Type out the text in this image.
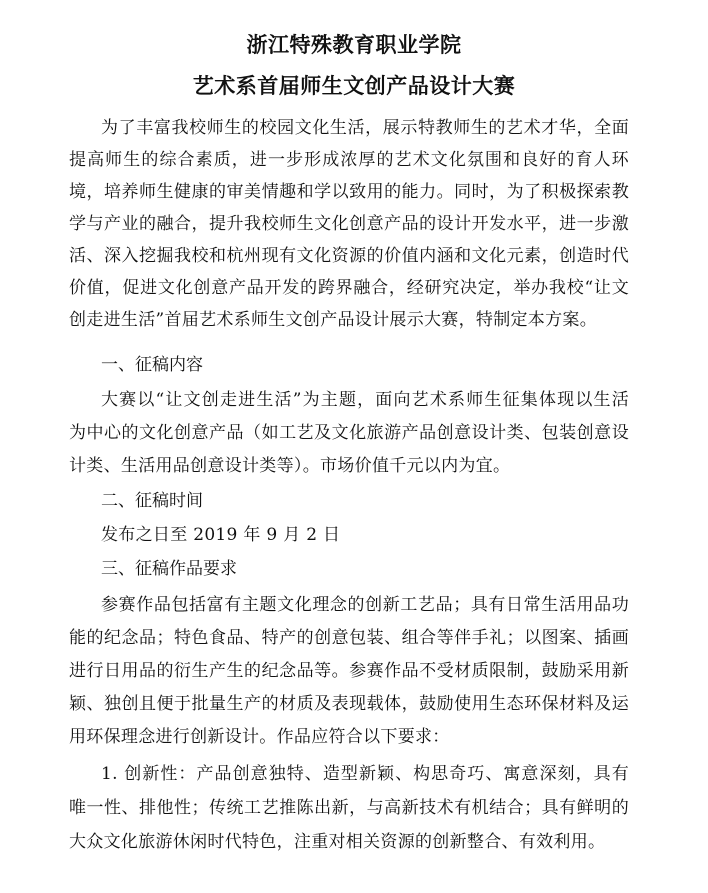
浙江特殊教育职业学院
艺术系首届师生文创产品设计大赛
为了丰富我校师生的校园文化生活，展示特教师生的艺术才华，全面
提高师生的综合素质，进一步形成浓厚的艺术文化氛围和良好的育人环
境，培养师生健康的审美情趣和学以致用的能力。同时，为了积极探索教
学与产业的融合，提升我校师生文化创意产品的设计开发水平，进一步激
活、深入挖掘我校和杭州现有文化资源的价值内涵和文化元素，创造时代
价值，促进文化创意产品开发的跨界融合，经研究决定，举办我校“让文
创走进生活”首届艺术系师生文创产品设计展示大赛，特制定本方案。
一、征稿内容
大赛以“让文创走进生活”为主题，面向艺术系师生征集体现以生活
为中心的文化创意产品（如工艺及文化旅游产品创意设计类、包装创意设
计类、生活用品创意设计类等）。市场价值千元以内为宜。
二、征稿时间
发布之日至 2019 年 9 月 2 日
三、征稿作品要求
参赛作品包括富有主题文化理念的创新工艺品；具有日常生活用品功
能的纪念品；特色食品、特产的创意包装、组合等伴手礼；以图案、插画
进行日用品的衍生产生的纪念品等。参赛作品不受材质限制，鼓励采用新
颖、独创且便于批量生产的材质及表现载体，鼓励使用生态环保材料及运
用环保理念进行创新设计。作品应符合以下要求：
1. 创新性：产品创意独特、造型新颖、构思奇巧、寓意深刻，具有
唯一性、排他性；传统工艺推陈出新，与高新技术有机结合；具有鲜明的
大众文化旅游休闲时代特色，注重对相关资源的创新整合、有效利用。
